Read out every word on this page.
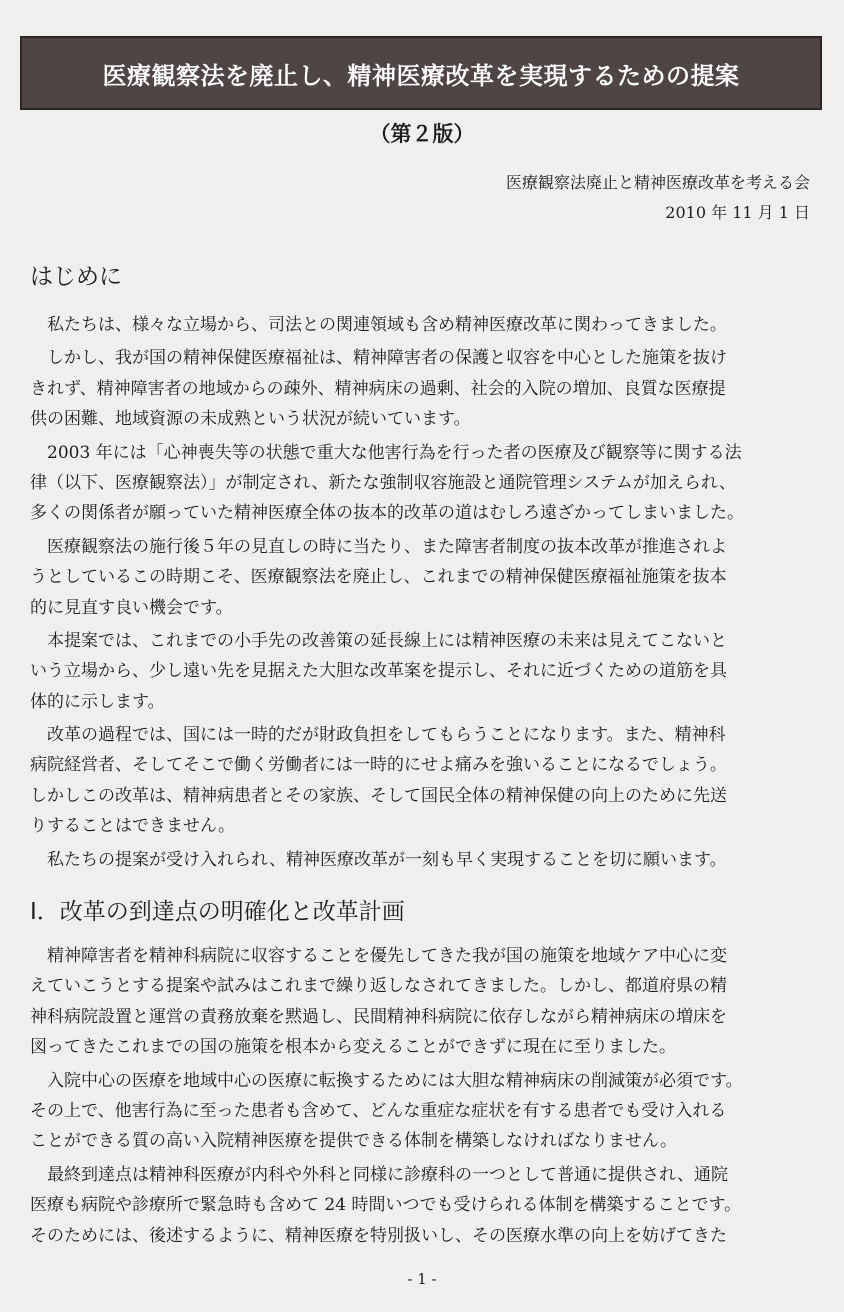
医療観察法を廃止し、精神医療改革を実現するための提案
（第２版）
医療観察法廃止と精神医療改革を考える会
2010 年 11 月 1 日
はじめに
　私たちは、様々な立場から、司法との関連領域も含め精神医療改革に関わってきました。
　しかし、我が国の精神保健医療福祉は、精神障害者の保護と収容を中心とした施策を抜け
きれず、精神障害者の地域からの疎外、精神病床の過剰、社会的入院の増加、良質な医療提
供の困難、地域資源の未成熟という状況が続いています。
　2003 年には「心神喪失等の状態で重大な他害行為を行った者の医療及び観察等に関する法
律（以下、医療観察法）」が制定され、新たな強制収容施設と通院管理システムが加えられ、
多くの関係者が願っていた精神医療全体の抜本的改革の道はむしろ遠ざかってしまいました。
　医療観察法の施行後５年の見直しの時に当たり、また障害者制度の抜本改革が推進されよ
うとしているこの時期こそ、医療観察法を廃止し、これまでの精神保健医療福祉施策を抜本
的に見直す良い機会です。
　本提案では、これまでの小手先の改善策の延長線上には精神医療の未来は見えてこないと
いう立場から、少し遠い先を見据えた大胆な改革案を提示し、それに近づくための道筋を具
体的に示します。
　改革の過程では、国には一時的だが財政負担をしてもらうことになります。また、精神科
病院経営者、そしてそこで働く労働者には一時的にせよ痛みを強いることになるでしょう。
しかしこの改革は、精神病患者とその家族、そして国民全体の精神保健の向上のために先送
りすることはできません。
　私たちの提案が受け入れられ、精神医療改革が一刻も早く実現することを切に願います。
Ⅰ．改革の到達点の明確化と改革計画
　精神障害者を精神科病院に収容することを優先してきた我が国の施策を地域ケア中心に変
えていこうとする提案や試みはこれまで繰り返しなされてきました。しかし、都道府県の精
神科病院設置と運営の責務放棄を黙過し、民間精神科病院に依存しながら精神病床の増床を
図ってきたこれまでの国の施策を根本から変えることができずに現在に至りました。
　入院中心の医療を地域中心の医療に転換するためには大胆な精神病床の削減策が必須です。
その上で、他害行為に至った患者も含めて、どんな重症な症状を有する患者でも受け入れる
ことができる質の高い入院精神医療を提供できる体制を構築しなければなりません。
　最終到達点は精神科医療が内科や外科と同様に診療科の一つとして普通に提供され、通院
医療も病院や診療所で緊急時も含めて 24 時間いつでも受けられる体制を構築することです。
そのためには、後述するように、精神医療を特別扱いし、その医療水準の向上を妨げてきた
- 1 -
